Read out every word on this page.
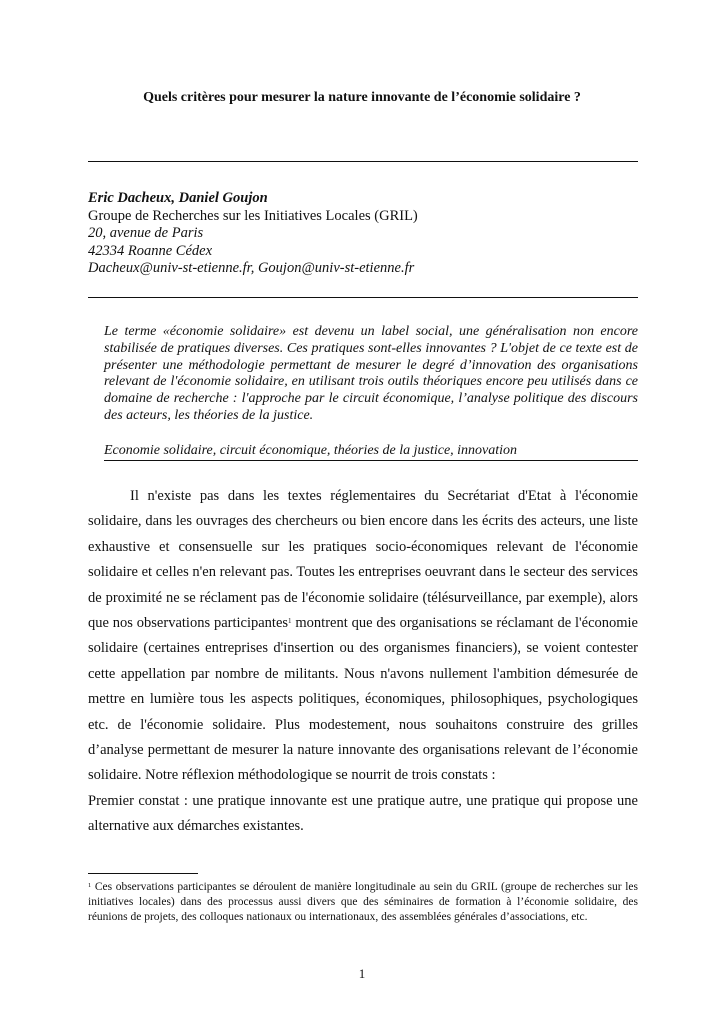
Quels critères pour mesurer la nature innovante de l’économie solidaire ?
Eric Dacheux, Daniel Goujon
Groupe de Recherches sur les Initiatives Locales (GRIL)
20, avenue de Paris
42334 Roanne Cédex
Dacheux@univ-st-etienne.fr, Goujon@univ-st-etienne.fr
Le terme «économie solidaire» est devenu un label social, une généralisation non encore stabilisée de pratiques diverses. Ces pratiques sont-elles innovantes ? L'objet de ce texte est de présenter une méthodologie permettant de mesurer le degré d’innovation des organisations relevant de l'économie solidaire, en utilisant trois outils théoriques encore peu utilisés dans ce domaine de recherche : l'approche par le circuit économique, l’analyse politique des discours des acteurs, les théories de la justice.
Economie solidaire, circuit économique, théories de la justice, innovation

Il n'existe pas dans les textes réglementaires du Secrétariat d'Etat à l'économie solidaire, dans les ouvrages des chercheurs ou bien encore dans les écrits des acteurs, une liste exhaustive et consensuelle sur les pratiques socio-économiques relevant de l'économie solidaire et celles n'en relevant pas. Toutes les entreprises oeuvrant dans le secteur des services de proximité ne se réclament pas de l'économie solidaire (télésurveillance, par exemple), alors que nos observations participantes$^1$ montrent que des organisations se réclamant de l'économie solidaire (certaines entreprises d'insertion ou des organismes financiers), se voient contester cette appellation par nombre de militants. Nous n'avons nullement l'ambition démesurée de mettre en lumière tous les aspects politiques, économiques, philosophiques, psychologiques etc. de l'économie solidaire. Plus modestement, nous souhaitons construire des grilles d’analyse permettant de mesurer la nature innovante des organisations relevant de l’économie solidaire. Notre réflexion méthodologique se nourrit de trois constats :

Premier constat : une pratique innovante est une pratique autre, une pratique qui propose une alternative aux démarches existantes.

$^1$ Ces observations participantes se déroulent de manière longitudinale au sein du GRIL (groupe de recherches sur les initiatives locales) dans des processus aussi divers que des séminaires de formation à l’économie solidaire, des réunions de projets, des colloques nationaux ou internationaux, des assemblées générales d’associations, etc.
1
